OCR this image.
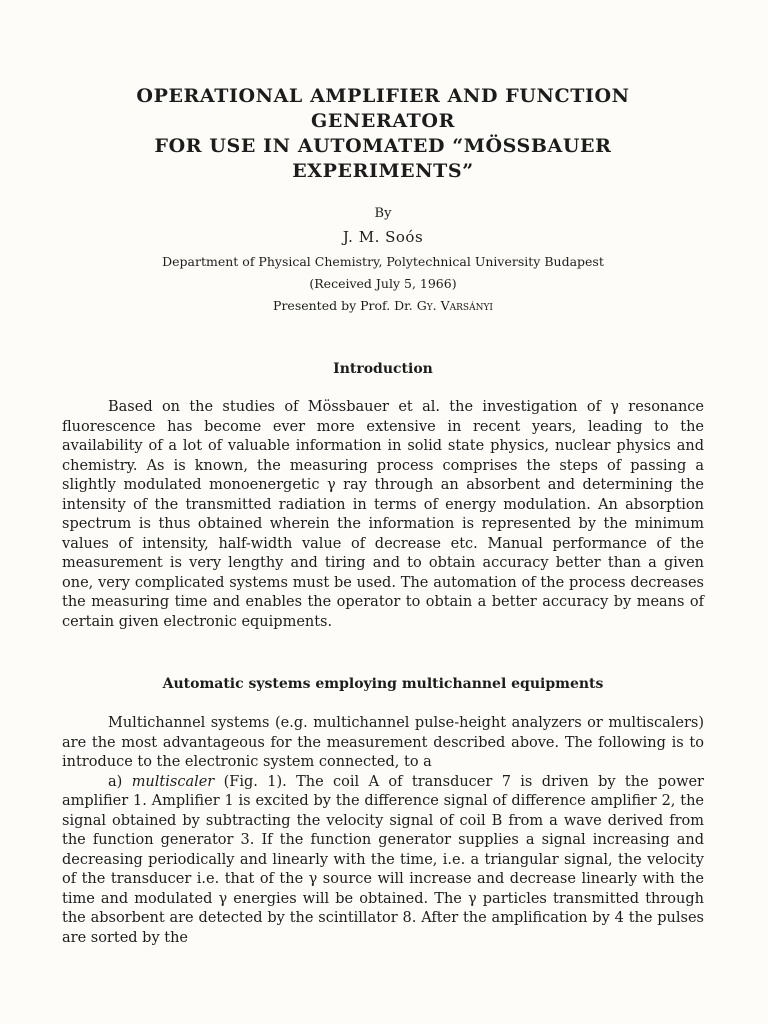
OPERATIONAL AMPLIFIER AND FUNCTION GENERATOR
FOR USE IN AUTOMATED “MÖSSBAUER EXPERIMENTS”
By
J. M. Soós
Department of Physical Chemistry, Polytechnical University Budapest
(Received July 5, 1966)
Presented by Prof. Dr. Gy. Varsányi
Introduction

Based on the studies of Mössbauer et al. the investigation of γ resonance fluorescence has become ever more extensive in recent years, leading to the availability of a lot of valuable information in solid state physics, nuclear physics and chemistry. As is known, the measuring process comprises the steps of passing a slightly modulated monoenergetic γ ray through an absorbent and determining the intensity of the transmitted radiation in terms of energy modulation. An absorption spectrum is thus obtained wherein the information is represented by the minimum values of intensity, half-width value of decrease etc. Manual performance of the measurement is very lengthy and tiring and to obtain accuracy better than a given one, very complicated systems must be used. The automation of the process decreases the measuring time and enables the operator to obtain a better accuracy by means of certain given electronic equipments.

Automatic systems employing multichannel equipments

Multichannel systems (e.g. multichannel pulse-height analyzers or multiscalers) are the most advantageous for the measurement described above. The following is to introduce to the electronic system connected, to a

a) multiscaler (Fig. 1). The coil A of transducer 7 is driven by the power amplifier 1. Amplifier 1 is excited by the difference signal of difference amplifier 2, the signal obtained by subtracting the velocity signal of coil B from a wave derived from the function generator 3. If the function generator supplies a signal increasing and decreasing periodically and linearly with the time, i.e. a triangular signal, the velocity of the transducer i.e. that of the γ source will increase and decrease linearly with the time and modulated γ energies will be obtained. The γ particles transmitted through the absorbent are detected by the scintillator 8. After the amplification by 4 the pulses are sorted by the
